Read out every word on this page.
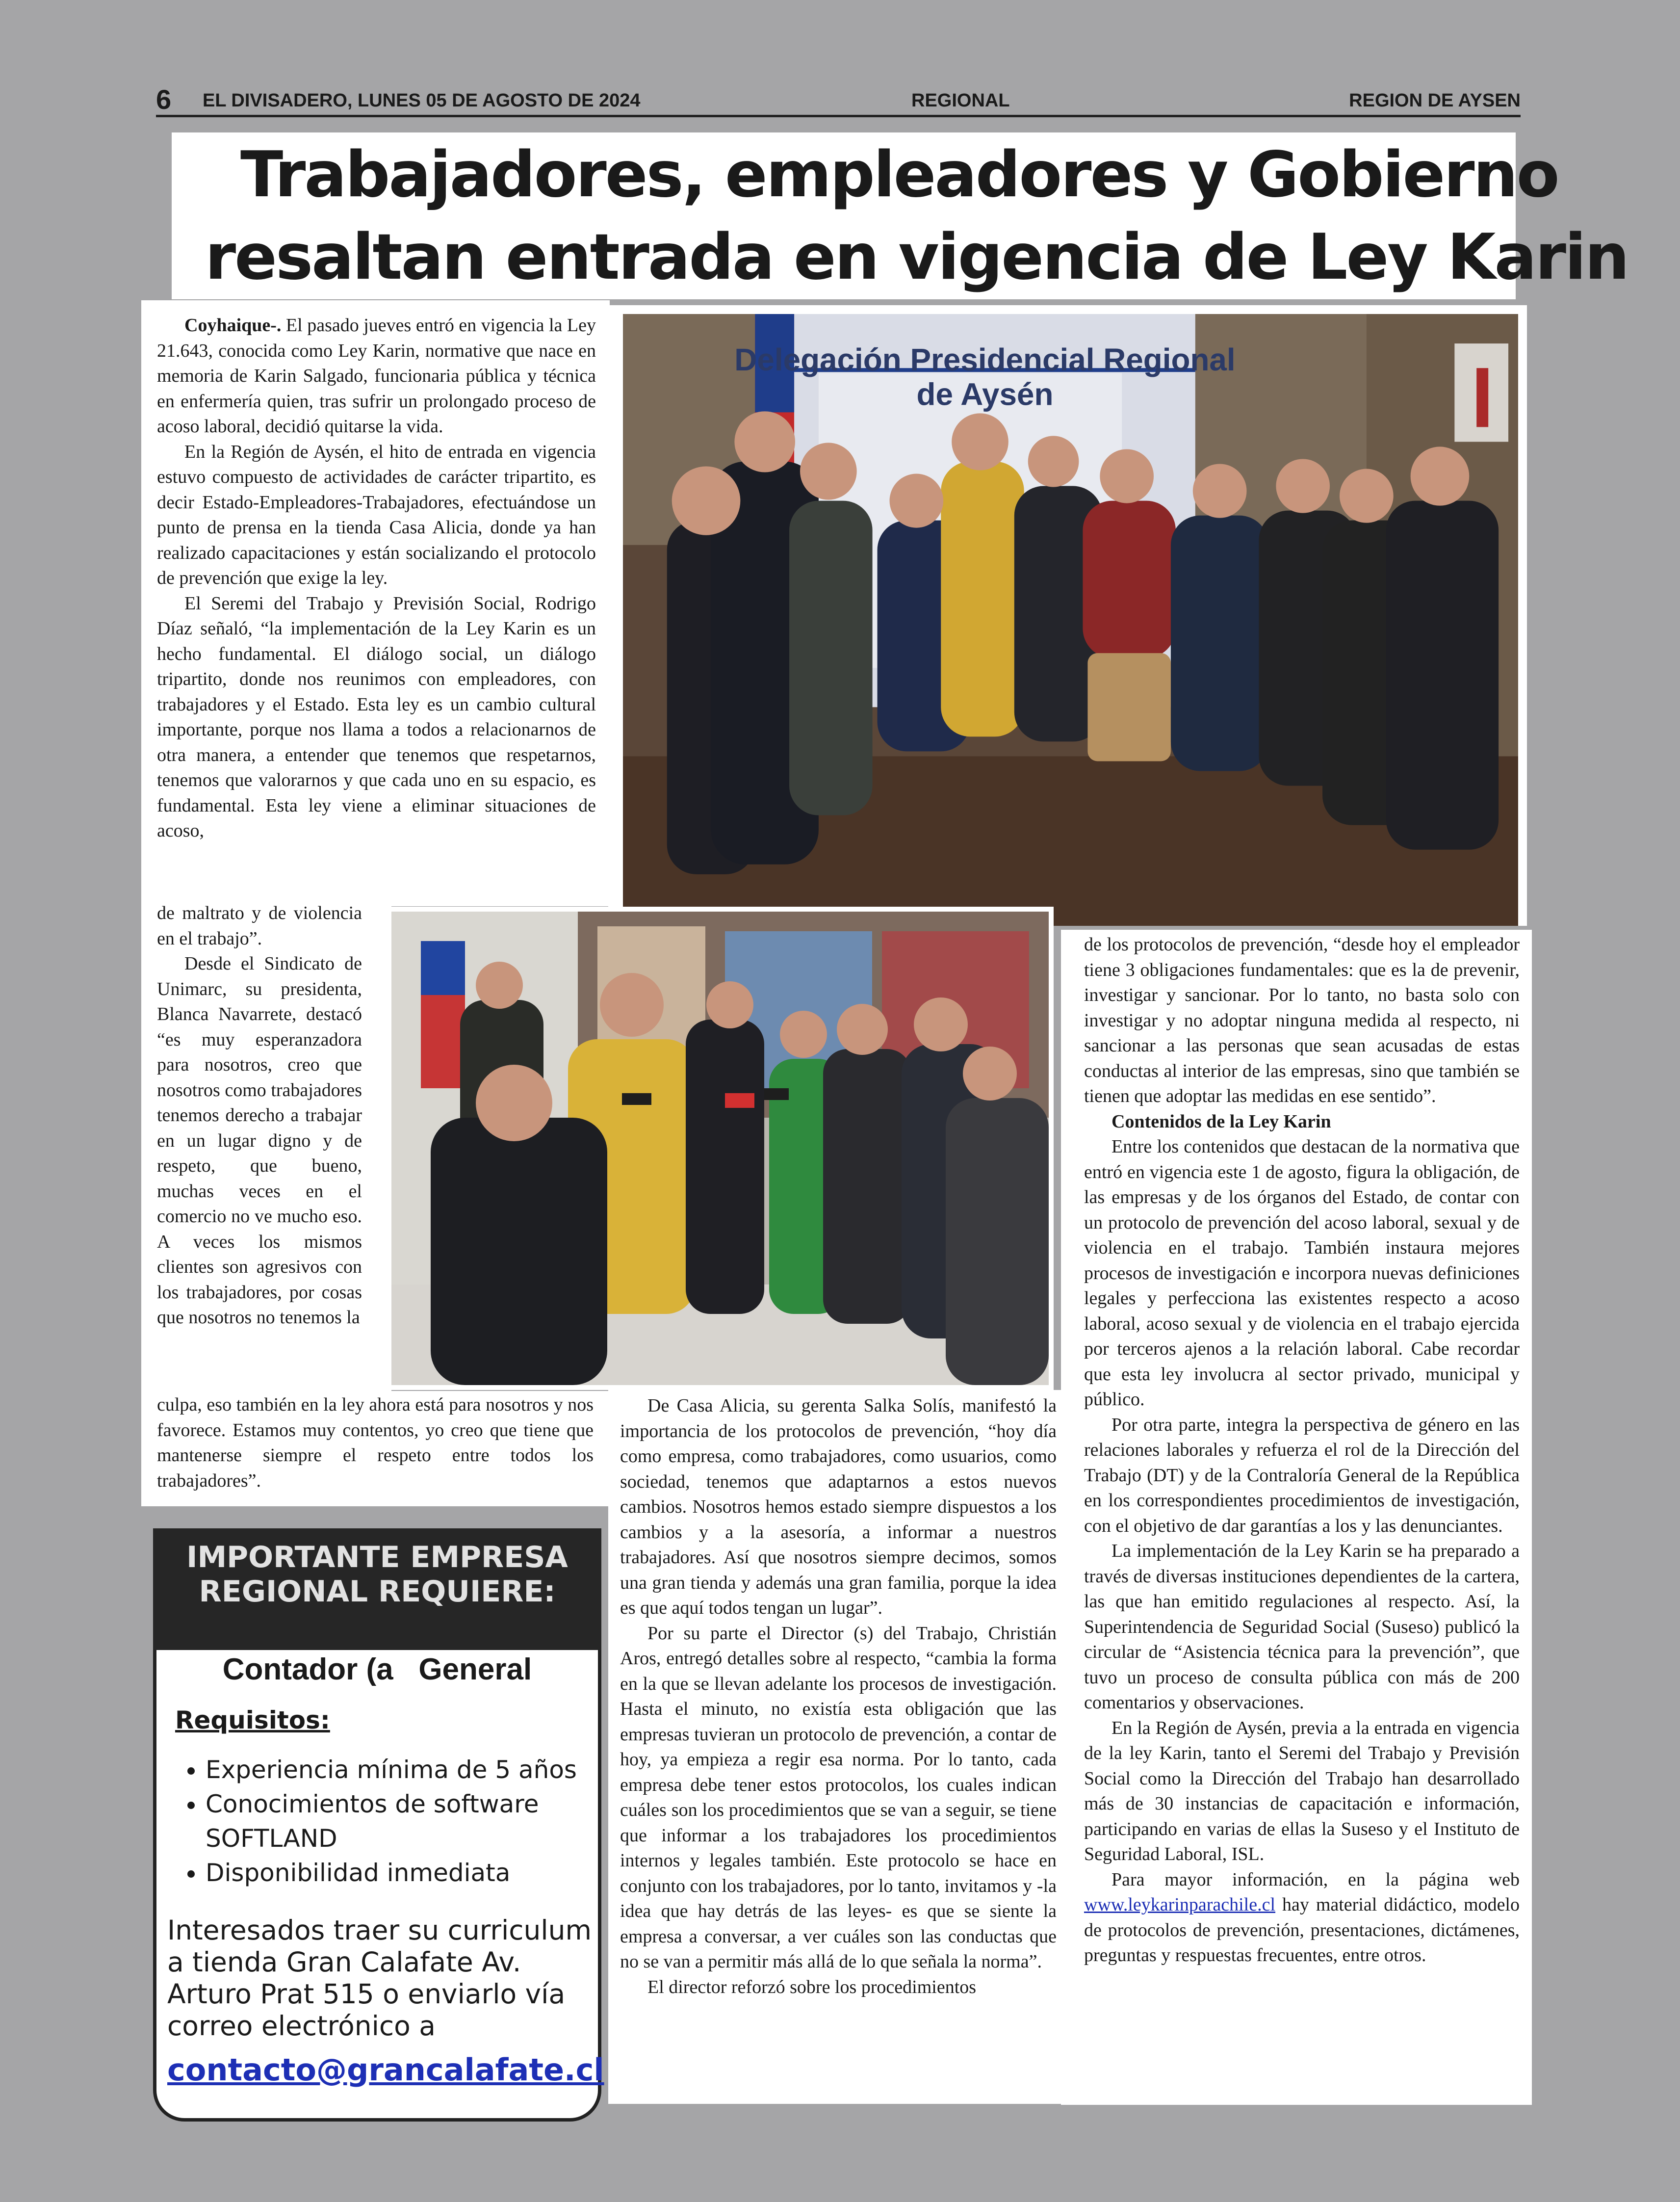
6 EL DIVISADERO, LUNES 05 DE AGOSTO DE 2024	REGIONAL	REGION DE AYSEN
Trabajadores, empleadores y Gobierno
resaltan entrada en vigencia de Ley Karin

Coyhaique-. El pasado jueves entró en vigencia la Ley 21.643, conocida como Ley Karin, normative que nace en memoria de Karin Salgado, funcionaria pública y técnica en enfermería quien, tras sufrir un prolongado proceso de acoso laboral, decidió quitarse la vida.

En la Región de Aysén, el hito de entrada en vigencia estuvo compuesto de actividades de carácter tripartito, es decir Estado-Empleadores-Trabajadores, efectuándose un punto de prensa en la tienda Casa Alicia, donde ya han realizado capacitaciones y están socializando el protocolo de prevención que exige la ley.

El Seremi del Trabajo y Previsión Social, Rodrigo Díaz señaló, “la implementación de la Ley Karin es un hecho fundamental. El diálogo social, un diálogo tripartito, donde nos reunimos con empleadores, con trabajadores y el Estado. Esta ley es un cambio cultural importante, porque nos llama a todos a relacionarnos de otra manera, a entender que tenemos que respetarnos, tenemos que valorarnos y que cada uno en su espacio, es fundamental. Esta ley viene a eliminar situaciones de acoso,

de maltrato y de violencia en el trabajo”.

Desde el Sindicato de Unimarc, su presidenta, Blanca Navarrete, destacó “es muy esperanzadora para nosotros, creo que nosotros como trabajadores tenemos derecho a trabajar en un lugar digno y de respeto, que bueno, muchas veces en el comercio no ve mucho eso. A veces los mismos clientes son agresivos con los trabajadores, por cosas que nosotros no tenemos la

culpa, eso también en la ley ahora está para nosotros y nos favorece. Estamos muy contentos, yo creo que tiene que mantenerse siempre el respeto entre todos los trabajadores”.

Delegación Presidencial Regional
de Aysén

De Casa Alicia, su gerenta Salka Solís, manifestó la importancia de los protocolos de prevención, “hoy día como empresa, como trabajadores, como usuarios, como sociedad, tenemos que adaptarnos a estos nuevos cambios. Nosotros hemos estado siempre dispuestos a los cambios y a la asesoría, a informar a nuestros trabajadores. Así que nosotros siempre decimos, somos una gran tienda y además una gran familia, porque la idea es que aquí todos tengan un lugar”.

Por su parte el Director (s) del Trabajo, Christián Aros, entregó detalles sobre al respecto, “cambia la forma en la que se llevan adelante los procesos de investigación. Hasta el minuto, no existía esta obligación que las empresas tuvieran un protocolo de prevención, a contar de hoy, ya empieza a regir esa norma. Por lo tanto, cada empresa debe tener estos protocolos, los cuales indican cuáles son los procedimientos que se van a seguir, se tiene que informar a los trabajadores los procedimientos internos y legales también. Este protocolo se hace en conjunto con los trabajadores, por lo tanto, invitamos y -la idea que hay detrás de las leyes- es que se siente la empresa a conversar, a ver cuáles son las conductas que no se van a permitir más allá de lo que señala la norma”.

El director reforzó sobre los procedimientos

de los protocolos de prevención, “desde hoy el empleador tiene 3 obligaciones fundamentales: que es la de prevenir, investigar y sancionar. Por lo tanto, no basta solo con investigar y no adoptar ninguna medida al respecto, ni sancionar a las personas que sean acusadas de estas conductas al interior de las empresas, sino que también se tienen que adoptar las medidas en ese sentido”.

Contenidos de la Ley Karin

Entre los contenidos que destacan de la normativa que entró en vigencia este 1 de agosto, figura la obligación, de las empresas y de los órganos del Estado, de contar con un protocolo de prevención del acoso laboral, sexual y de violencia en el trabajo. También instaura mejores procesos de investigación e incorpora nuevas definiciones legales y perfecciona las existentes respecto a acoso laboral, acoso sexual y de violencia en el trabajo ejercida por terceros ajenos a la relación laboral. Cabe recordar que esta ley involucra al sector privado, municipal y público.

Por otra parte, integra la perspectiva de género en las relaciones laborales y refuerza el rol de la Dirección del Trabajo (DT) y de la Contraloría General de la República en los correspondientes procedimientos de investigación, con el objetivo de dar garantías a los y las denunciantes.

La implementación de la Ley Karin se ha preparado a través de diversas instituciones dependientes de la cartera, las que han emitido regulaciones al respecto. Así, la Superintendencia de Seguridad Social (Suseso) publicó la circular de “Asistencia técnica para la prevención”, que tuvo un proceso de consulta pública con más de 200 comentarios y observaciones.

En la Región de Aysén, previa a la entrada en vigencia de la ley Karin, tanto el Seremi del Trabajo y Previsión Social como la Dirección del Trabajo han desarrollado más de 30 instancias de capacitación e información, participando en varias de ellas la Suseso y el Instituto de Seguridad Laboral, ISL.

Para mayor información, en la página web www.leykarinparachile.cl hay material didáctico, modelo de protocolos de prevención, presentaciones, dictámenes, preguntas y respuestas frecuentes, entre otros.

IMPORTANTE EMPRESA REGIONAL REQUIERE:
Contador (a   General
Requisitos:
• Experiencia mínima de 5 años
• Conocimientos de software SOFTLAND
• Disponibilidad inmediata
Interesados traer su curriculum a tienda Gran Calafate Av. Arturo Prat 515 o enviarlo vía correo electrónico a
contacto@grancalafate.cl
